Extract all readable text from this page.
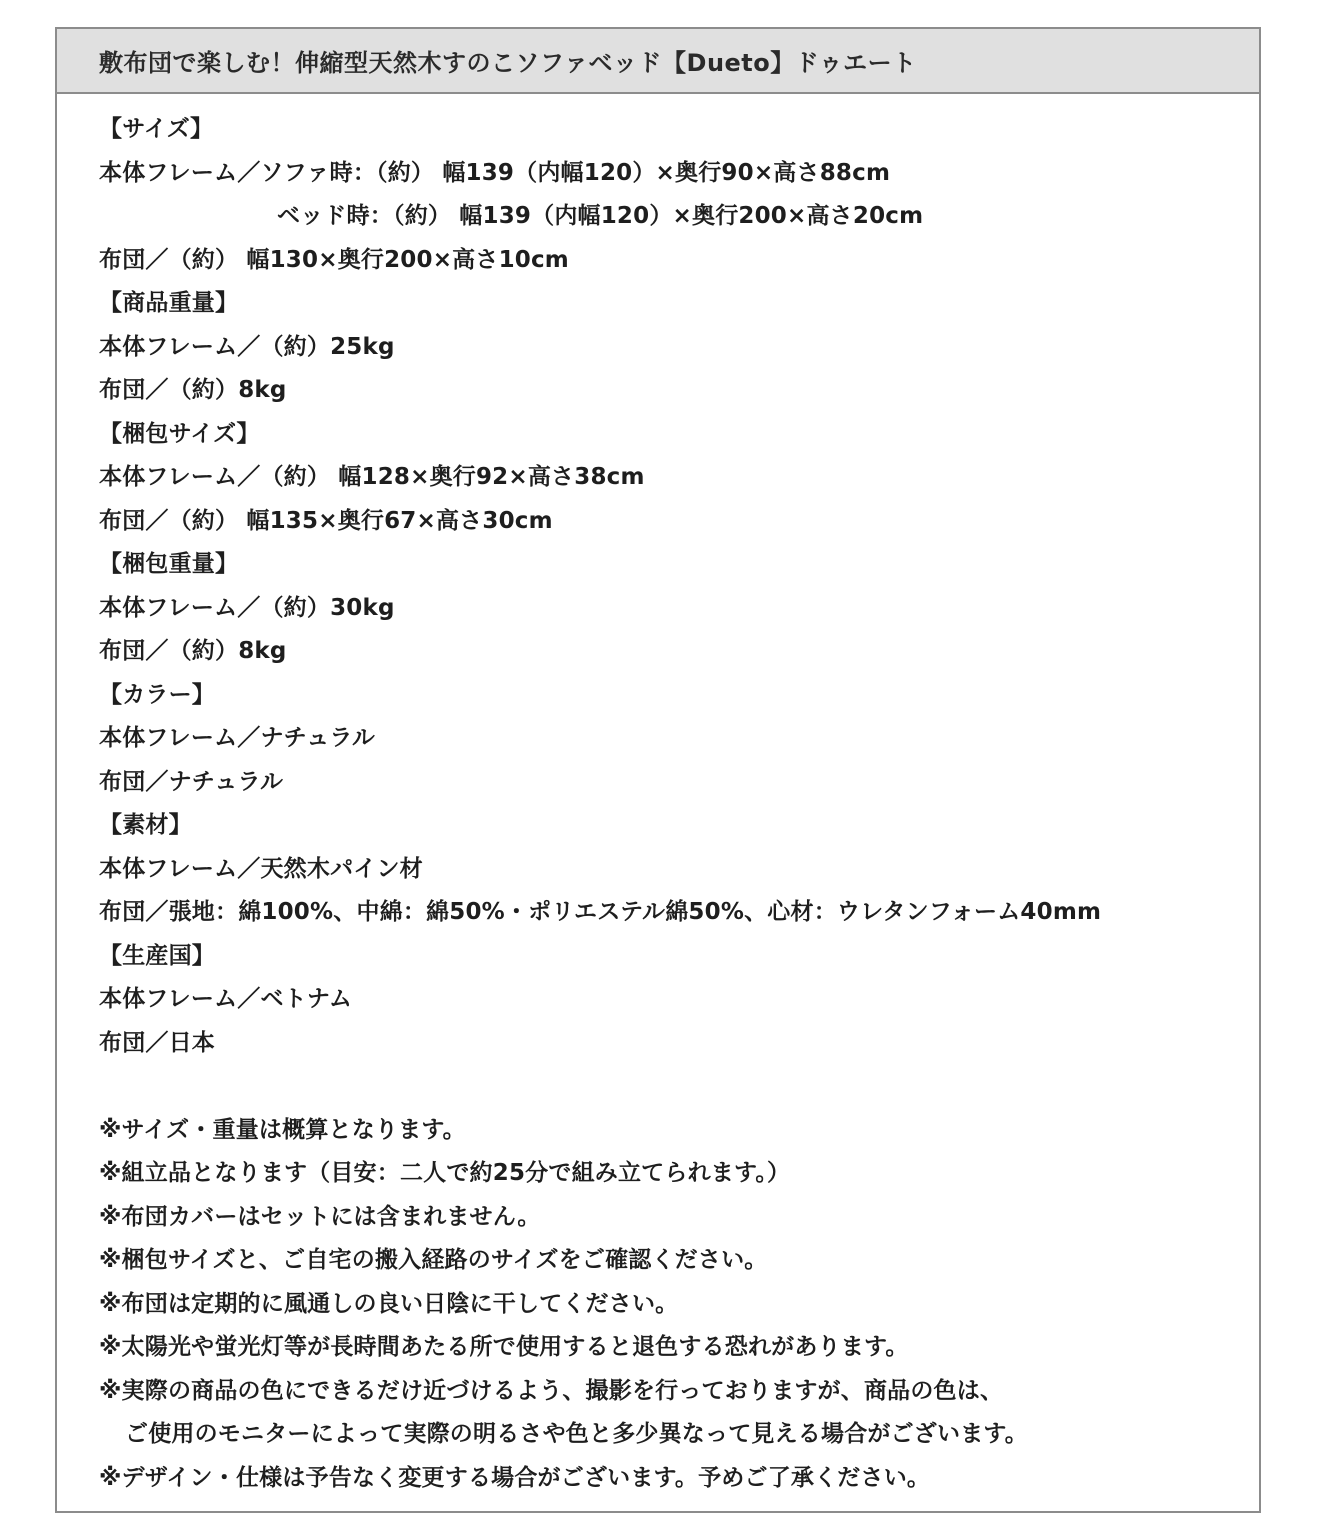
敷布団で楽しむ！伸縮型天然木すのこソファベッド【Dueto】ドゥエート
【サイズ】
本体フレーム／ソファ時：（約） 幅139（内幅120）×奥行90×高さ88cm
ベッド時：（約） 幅139（内幅120）×奥行200×高さ20cm
布団／（約） 幅130×奥行200×高さ10cm
【商品重量】
本体フレーム／（約）25kg
布団／（約）8kg
【梱包サイズ】
本体フレーム／（約） 幅128×奥行92×高さ38cm
布団／（約） 幅135×奥行67×高さ30cm
【梱包重量】
本体フレーム／（約）30kg
布団／（約）8kg
【カラー】
本体フレーム／ナチュラル
布団／ナチュラル
【素材】
本体フレーム／天然木パイン材
布団／張地：綿100%、中綿：綿50%・ポリエステル綿50%、心材：ウレタンフォーム40mm
【生産国】
本体フレーム／ベトナム
布団／日本
※サイズ・重量は概算となります。
※組立品となります（目安：二人で約25分で組み立てられます。）
※布団カバーはセットには含まれません。
※梱包サイズと、ご自宅の搬入経路のサイズをご確認ください。
※布団は定期的に風通しの良い日陰に干してください。
※太陽光や蛍光灯等が長時間あたる所で使用すると退色する恐れがあります。
※実際の商品の色にできるだけ近づけるよう、撮影を行っておりますが、商品の色は、
ご使用のモニターによって実際の明るさや色と多少異なって見える場合がございます。
※デザイン・仕様は予告なく変更する場合がございます。予めご了承ください。
